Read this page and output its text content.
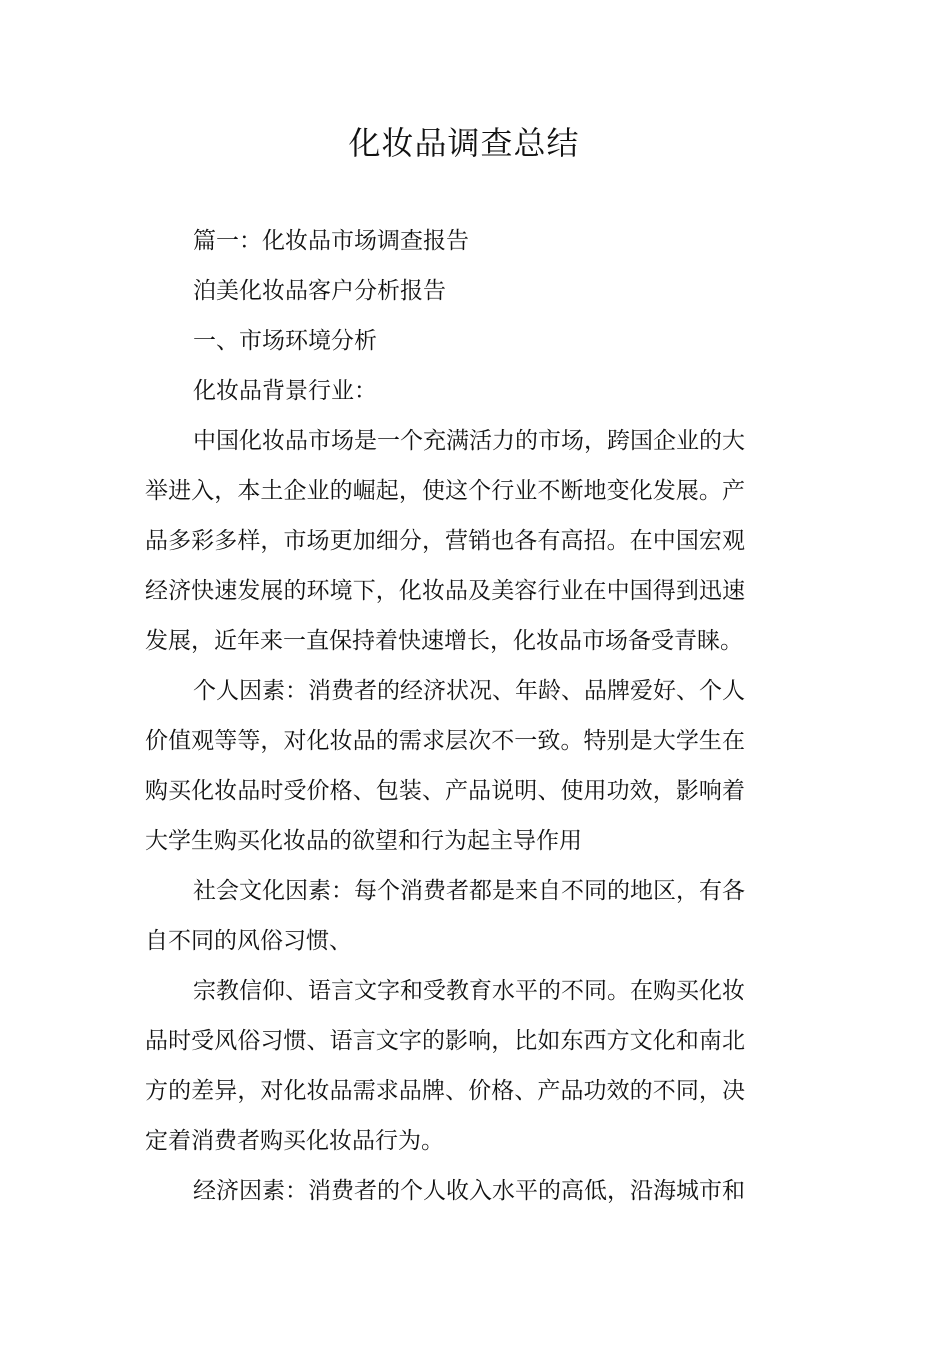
化妆品调查总结

篇一：化妆品市场调查报告

泊美化妆品客户分析报告

一、市场环境分析

化妆品背景行业：

中国化妆品市场是一个充满活力的市场，跨国企业的大举进入，本土企业的崛起，使这个行业不断地变化发展。产品多彩多样，市场更加细分，营销也各有高招。在中国宏观经济快速发展的环境下，化妆品及美容行业在中国得到迅速发展，近年来一直保持着快速增长，化妆品市场备受青睐。

个人因素：消费者的经济状况、年龄、品牌爱好、个人价值观等等，对化妆品的需求层次不一致。特别是大学生在购买化妆品时受价格、包装、产品说明、使用功效，影响着大学生购买化妆品的欲望和行为起主导作用

社会文化因素：每个消费者都是来自不同的地区，有各自不同的风俗习惯、

宗教信仰、语言文字和受教育水平的不同。在购买化妆品时受风俗习惯、语言文字的影响，比如东西方文化和南北方的差异，对化妆品需求品牌、价格、产品功效的不同，决定着消费者购买化妆品行为。

经济因素：消费者的个人收入水平的高低，沿海城市和
